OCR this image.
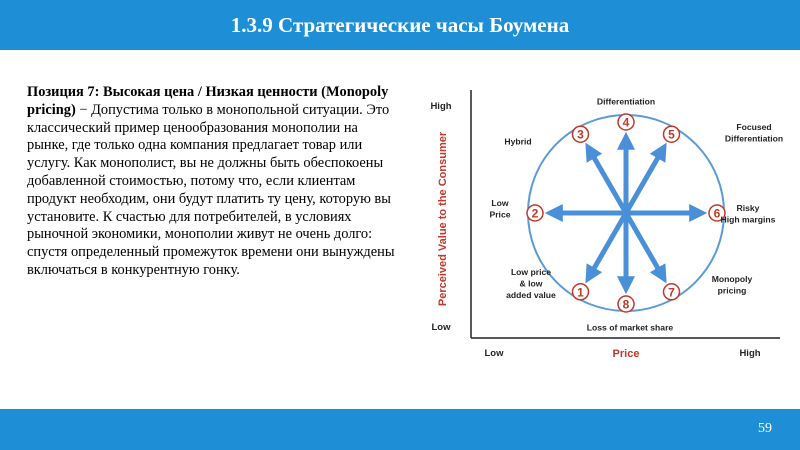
1.3.9 Стратегические часы Боумена
Позиция 7: Высокая цена / Низкая ценности (Monopoly pricing) − Допустима только в монопольной ситуации. Это классический пример ценообразования монополии на рынке, где только одна компания предлагает товар или услугу. Как монополист, вы не должны быть обеспокоены добавленной стоимостью, потому что, если клиентам продукт необходим, они будут платить ту цену, которую вы установите. К счастью для потребителей, в условиях рыночной экономики, монополии живут не очень долго: спустя определенный промежуток времени они вынуждены включаться в конкурентную гонку.
High
Low
Perceived Value to the Consumer
Low	Price	High
1
2
3
4
5
6
7
8
Low price & low added value
Low Price
Hybrid
Differentiation
Focused Differentiation
Risky High margins
Monopoly pricing
Loss of market share
59
